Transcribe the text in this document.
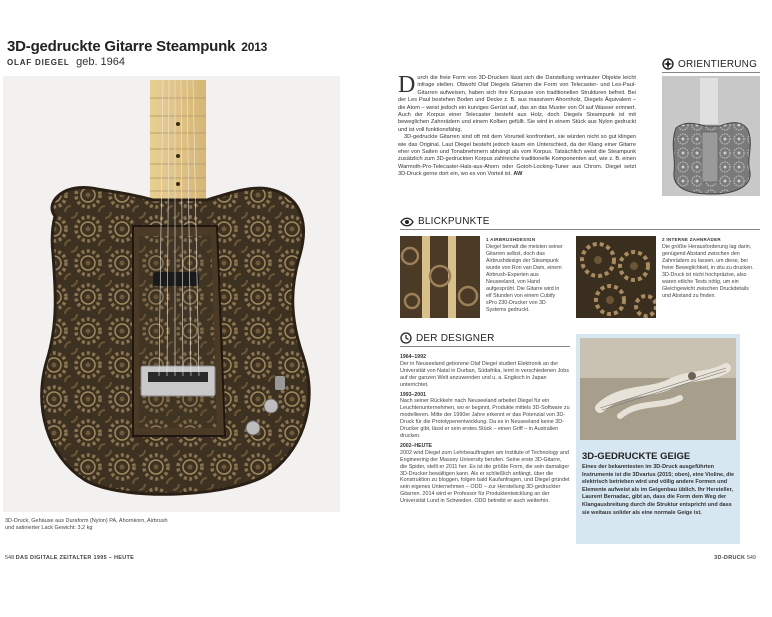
3D-gedruckte Gitarre Steampunk 2013
OLAF DIEGEL geb. 1964
3D-Druck, Gehäuse aus Duraform (Nylon) PA, Ahornkorn, Airbrush und satinierter Lack Gewicht: 3,2 kg
548 DAS DIGITALE ZEITALTER 1995 – HEUTE
D urch die freie Form von 3D-Drucken lässt sich die Darstellung vertrauter Objekte leicht infrage stellen. Obwohl Olaf Diegels Gitarren die Form von Telecaster- und Les-Paul-Gitarren aufweisen, haben sich ihre Korpusse von traditionellen Strukturen befreit. Bei der Les Paul bestehen Boden und Decke z. B. aus massivem Ahornholz, Diegels Äquivalent – die Atom – weist jedoch ein kurviges Gerüst auf, das an das Muster von Öl auf Wasser erinnert. Auch der Korpus einer Telecaster besteht aus Holz, doch Diegels Steampunk ist mit beweglichen Zahnrädern und einem Kolben gefüllt. Sie wird in einem Stück aus Nylon gedruckt und ist voll funktionsfähig.

3D-gedruckte Gitarren sind oft mit dem Vorurteil konfrontiert, sie würden nicht so gut klingen wie das Original. Laut Diegel besteht jedoch kaum ein Unterschied, da der Klang einer Gitarre eher von Saiten und Tonabnehmern abhängt als vom Korpus. Tatsächlich weist die Steampunk zusätzlich zum 3D-gedruckten Korpus zahlreiche traditionelle Komponenten auf, wie z. B. einen Warmoth-Pro-Telecaster-Hals-aus-Ahorn oder Gotoh-Locking-Tuner aus Chrom. Diegel setzt 3D-Druck gerne dort ein, wo es von Vorteil ist. AW

ORIENTIERUNG
BLICKPUNKTE
1 AIRBRUSHDESIGN
Diegel bemalt die meisten seiner Gitarren selbst, doch das Airbrushdesign der Steampunk wurde von Ron van Dam, einem Airbrush-Experten aus Neuseeland, von Hand aufgesprüht. Die Gitarre wird in elf Stunden von einem Cubify sPro 230-Drucker von 3D Systems gedruckt.
2 INTERNE ZAHNRÄDER
Die größte Herausforderung lag darin, genügend Abstand zwischen den Zahnrädern zu lassen, um diese, bei freier Beweglichkeit, in situ zu drucken. 3D-Druck ist nicht hochpräzise, also waren etliche Tests nötig, um ein Gleichgewicht zwischen Druckdetails und Abstand zu finden.
DER DESIGNER
1964–1992
Der in Neuseeland geborene Olaf Diegel studiert Elektronik an der Universität von Natal in Durban, Südafrika, lernt in verschiedenen Jobs auf der ganzen Welt anzuwenden und u. a. Englisch in Japan unterrichtet.
1993–2001
Nach seiner Rückkehr nach Neuseeland arbeitet Diegel für ein Leuchtenunternehmen, wo er beginnt, Produkte mittels 3D-Software zu modellieren. Mitte der 1990er Jahre erkennt er das Potenzial von 3D-Druck für die Prototypenentwicklung. Da es in Neuseeland keine 3D-Drucker gibt, lässt er sein erstes Stück – einen Griff – in Australien drucken.
2002–HEUTE
2002 wird Diegel zum Lehrbeauftragten am Institute of Technology and Engineering der Massey University berufen. Seine erste 3D-Gitarre, die Spider, stellt er 2011 her. Es ist die größte Form, die sein damaliger 3D-Drucker bewältigen kann. Als er schließlich anfängt, über die Konstruktion zu bloggen, folgen bald Kaufanfragen, und Diegel gründet sein eigenes Unternehmen – ODD – zur Herstellung 3D-gedruckter Gitarren. 2014 wird er Professor für Produktentwicklung an der Universität Lund in Schweden. ODD betreibt er auch weiterhin.
3D-GEDRUCKTE GEIGE
Eines der bekanntesten im 3D-Druck ausgeführten Instrumente ist die 3Dvarius (2015; oben), eine Violine, die elektrisch betrieben wird und völlig andere Formen und Elemente aufweist als im Geigenbau üblich. Ihr Hersteller, Laurent Bernadac, gibt an, dass die Form dem Weg der Klangausbreitung durch die Struktur entspricht und dass sie weitaus solider als eine normale Geige ist.
3D-DRUCK 549
